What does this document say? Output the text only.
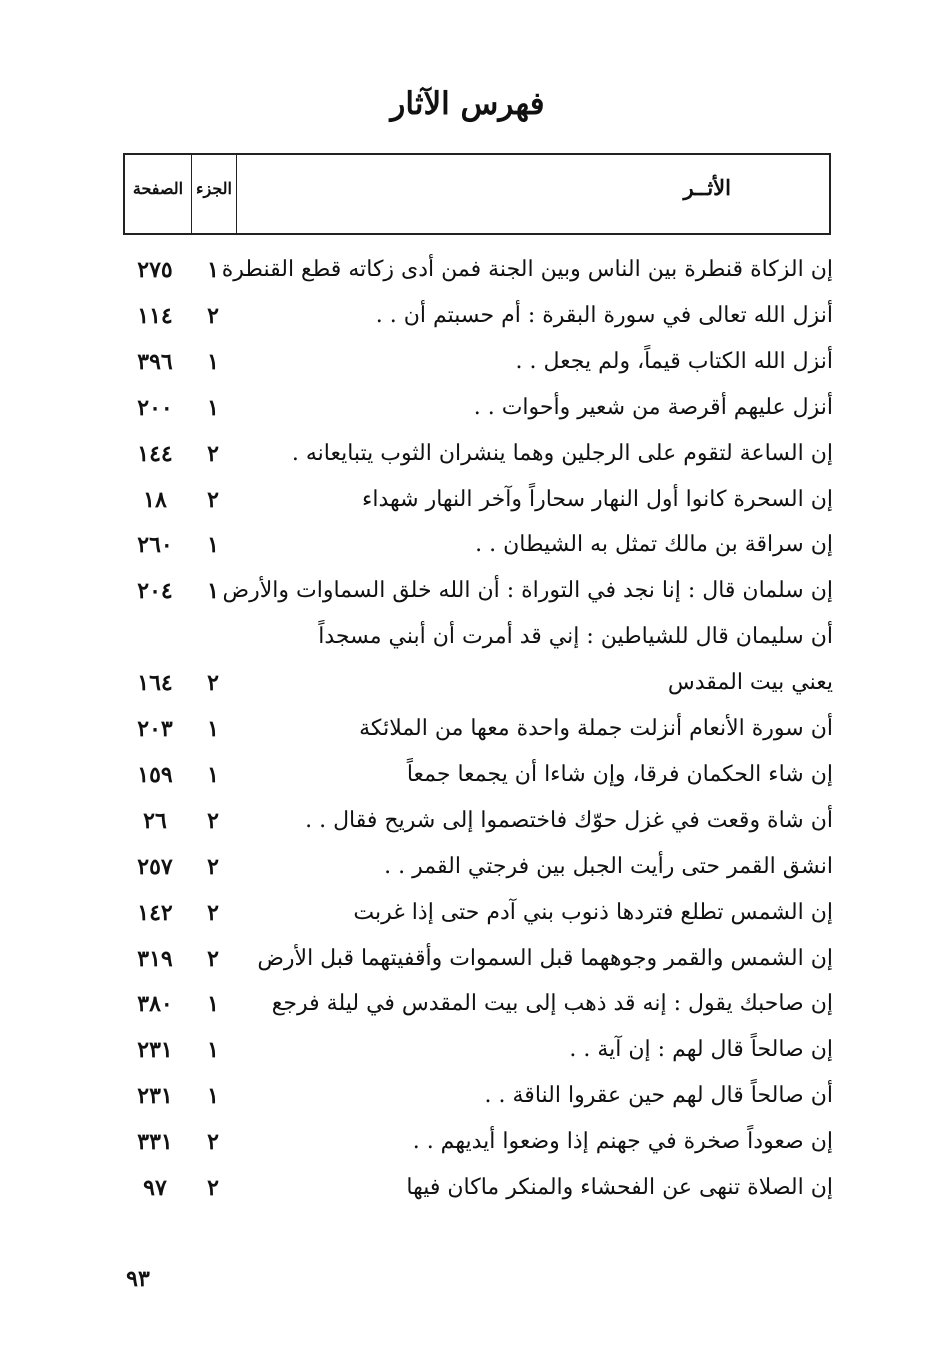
فهرس الآثار
الصفحة الجزء	الأثــر
إن الزكاة قنطرة بين الناس وبين الجنة فمن أدى زكاته قطع القنطرة
١
٢٧٥
أنزل الله تعالى في سورة البقرة : أم حسبتم أن . .
٢
١١٤
أنزل الله الكتاب قيماً، ولم يجعل . .
١
٣٩٦
أنزل عليهم أقرصة من شعير وأحوات . .
١
٢٠٠
إن الساعة لتقوم على الرجلين وهما ينشران الثوب يتبايعانه .
٢
١٤٤
إن السحرة كانوا أول النهار سحاراً وآخر النهار شهداء
٢
١٨
إن سراقة بن مالك تمثل به الشيطان . .
١
٢٦٠
إن سلمان قال : إنا نجد في التوراة : أن الله خلق السماوات والأرض
١
٢٠٤
أن سليمان قال للشياطين : إني قد أمرت أن أبني مسجداً
يعني بيت المقدس
٢
١٦٤
أن سورة الأنعام أنزلت جملة واحدة معها من الملائكة
١
٢٠٣
إن شاء الحكمان فرقا، وإن شاءا أن يجمعا جمعاً
١
١٥٩
أن شاة وقعت في غزل حوّك فاختصموا إلى شريح فقال . .
٢
٢٦
انشق القمر حتى رأيت الجبل بين فرجتي القمر . .
٢
٢٥٧
إن الشمس تطلع فتردها ذنوب بني آدم حتى إذا غربت
٢
١٤٢
إن الشمس والقمر وجوههما قبل السموات وأقفيتهما قبل الأرض
٢
٣١٩
إن صاحبك يقول : إنه قد ذهب إلى بيت المقدس في ليلة فرجع
١
٣٨٠
إن صالحاً قال لهم : إن آية . .
١
٢٣١
أن صالحاً قال لهم حين عقروا الناقة . .
١
٢٣١
إن صعوداً صخرة في جهنم إذا وضعوا أيديهم . .
٢
٣٣١
إن الصلاة تنهى عن الفحشاء والمنكر ماكان فيها
٢
٩٧
٩٣
